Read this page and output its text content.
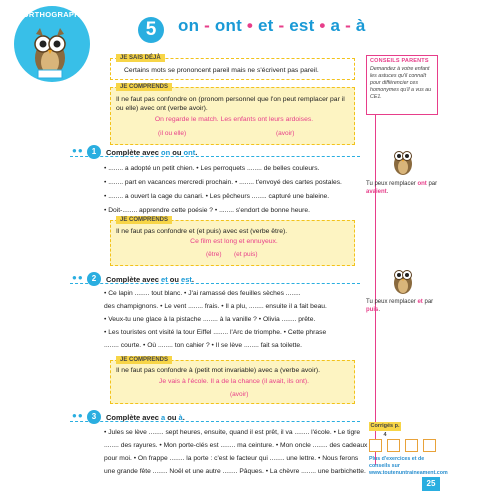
ORTHOGRAPHE
5	on - ont • et - est • a - à
CONSEILS PARENTS
Demandez à votre enfant les astuces qu'il connaît pour différencier ces homonymes qu'il a vus au CE1.
Tu peux remplacer ont par avaient.
Tu peux remplacer et par puis.
Corrigés p. 4
Plus d'exercices et de conseils sur www.toutenuntraineament.com
25
JE SAIS DÉJÀ
Certains mots se prononcent pareil mais ne s'écrivent pas pareil.
JE COMPRENDS
Il ne faut pas confondre on (pronom personnel que l'on peut remplacer par il ou elle) avec ont (verbe avoir).
On regarde le match. Les enfants ont leurs ardoises.
(il ou elle)	(avoir)
●●	1	Complète avec on ou ont.
• ........ a adopté un petit chien. • Les perroquets ........ de belles couleurs.
• ........ part en vacances mercredi prochain. • ........ t'envoyé des cartes postales.
• ........ a ouvert la cage du canari. • Les pêcheurs ........ capturé une baleine.
• Doit-........ apprendre cette poésie ? • ........ s'endort de bonne heure.
JE COMPRENDS
Il ne faut pas confondre et (et puis) avec est (verbe être).
Ce film est long et ennuyeux.
(être) (et puis)
●●	2	Complète avec et ou est.
• Ce lapin ........ tout blanc. • J'ai ramassé des feuilles sèches ........
des champignons. • Le vent ........ frais. • Il a plu, ........ ensuite il a fait beau.
• Veux-tu une glace à la pistache ........ à la vanille ? • Olivia ........ prête.
• Les touristes ont visité la tour Eiffel ........ l'Arc de triomphe. • Cette phrase
........ courte. • Où ........ ton cahier ? • Il se lève ........ fait sa toilette.
JE COMPRENDS
Il ne faut pas confondre à (petit mot invariable) avec a (verbe avoir).
Je vais à l'école. Il a de la chance (il avait, ils ont).
(avoir)
●●	3	Complète avec a ou à.
• Jules se lève ........ sept heures, ensuite, quand il est prêt, il va ........ l'école. • Le tigre
........ des rayures. • Mon porte-clés est ........ ma ceinture. • Mon oncle ........ des cadeaux
pour moi. • On frappe ........ la porte : c'est le facteur qui ........ une lettre. • Nous ferons
une grande fête ........ Noël et une autre ........ Pâques. • La chèvre ........ une barbichette.
